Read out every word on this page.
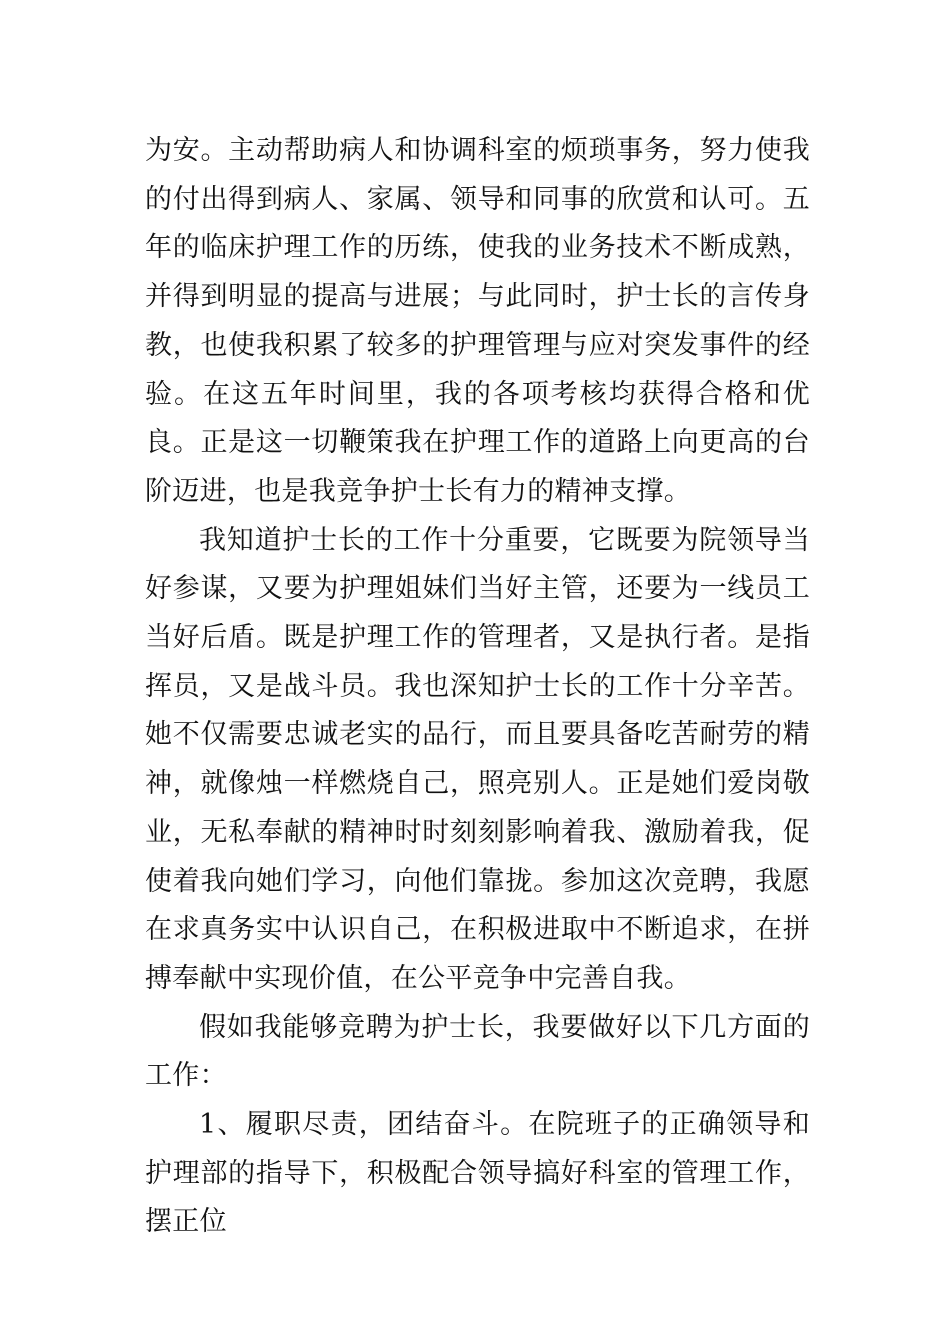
为安。主动帮助病人和协调科室的烦琐事务，努力使我的付出得到病人、家属、领导和同事的欣赏和认可。五年的临床护理工作的历练，使我的业务技术不断成熟，并得到明显的提高与进展；与此同时，护士长的言传身教，也使我积累了较多的护理管理与应对突发事件的经验。在这五年时间里，我的各项考核均获得合格和优良。正是这一切鞭策我在护理工作的道路上向更高的台阶迈进，也是我竞争护士长有力的精神支撑。

我知道护士长的工作十分重要，它既要为院领导当好参谋，又要为护理姐妹们当好主管，还要为一线员工当好后盾。既是护理工作的管理者，又是执行者。是指挥员，又是战斗员。我也深知护士长的工作十分辛苦。她不仅需要忠诚老实的品行，而且要具备吃苦耐劳的精神，就像烛一样燃烧自己，照亮别人。正是她们爱岗敬业，无私奉献的精神时时刻刻影响着我、激励着我，促使着我向她们学习，向他们靠拢。参加这次竞聘，我愿在求真务实中认识自己，在积极进取中不断追求，在拼搏奉献中实现价值，在公平竞争中完善自我。

假如我能够竞聘为护士长，我要做好以下几方面的工作：

1、履职尽责，团结奋斗。在院班子的正确领导和护理部的指导下，积极配合领导搞好科室的管理工作，摆正位
